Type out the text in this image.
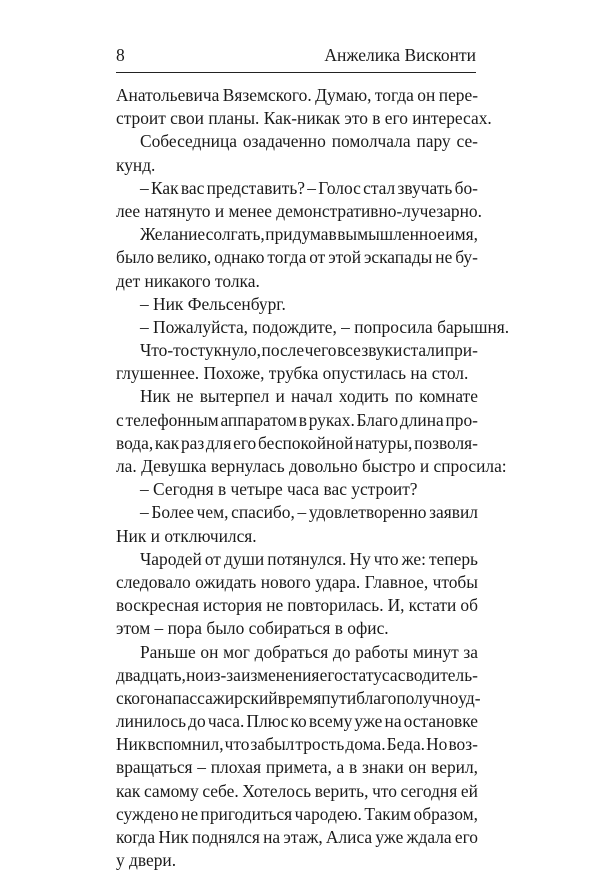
8	Анжелика Висконти
Анатольевича Вяземского. Думаю, тогда он пере-
строит свои планы. Как-никак это в его интересах.
Собеседница озадаченно помолчала пару се-
кунд.
– Как вас представить? – Голос стал звучать бо-
лее натянуто и менее демонстративно-лучезарно.
Желание солгать, придумав вымышленное имя,
было велико, однако тогда от этой эскапады не бу-
дет никакого толка.
– Ник Фельсенбург.
– Пожалуйста, подождите, – попросила барышня.
Что-то стукнуло, после чего все звуки стали при-
глушеннее. Похоже, трубка опустилась на стол.
Ник не вытерпел и начал ходить по комнате
с телефонным аппаратом в руках. Благо длина про-
вода, как раз для его беспокойной натуры, позволя-
ла. Девушка вернулась довольно быстро и спросила:
– Сегодня в четыре часа вас устроит?
– Более чем, спасибо, – удовлетворенно заявил
Ник и отключился.
Чародей от души потянулся. Ну что же: теперь
следовало ожидать нового удара. Главное, чтобы
воскресная история не повторилась. И, кстати об
этом – пора было собираться в офис.
Раньше он мог добраться до работы минут за
двадцать, но из-за изменения его статуса с водитель-
ского на пассажирский время пути благополучно уд-
линилось до часа. Плюс ко всему уже на остановке
Ник вспомнил, что забыл трость дома. Беда. Но воз-
вращаться – плохая примета, а в знаки он верил,
как самому себе. Хотелось верить, что сегодня ей
суждено не пригодиться чародею. Таким образом,
когда Ник поднялся на этаж, Алиса уже ждала его
у двери.
